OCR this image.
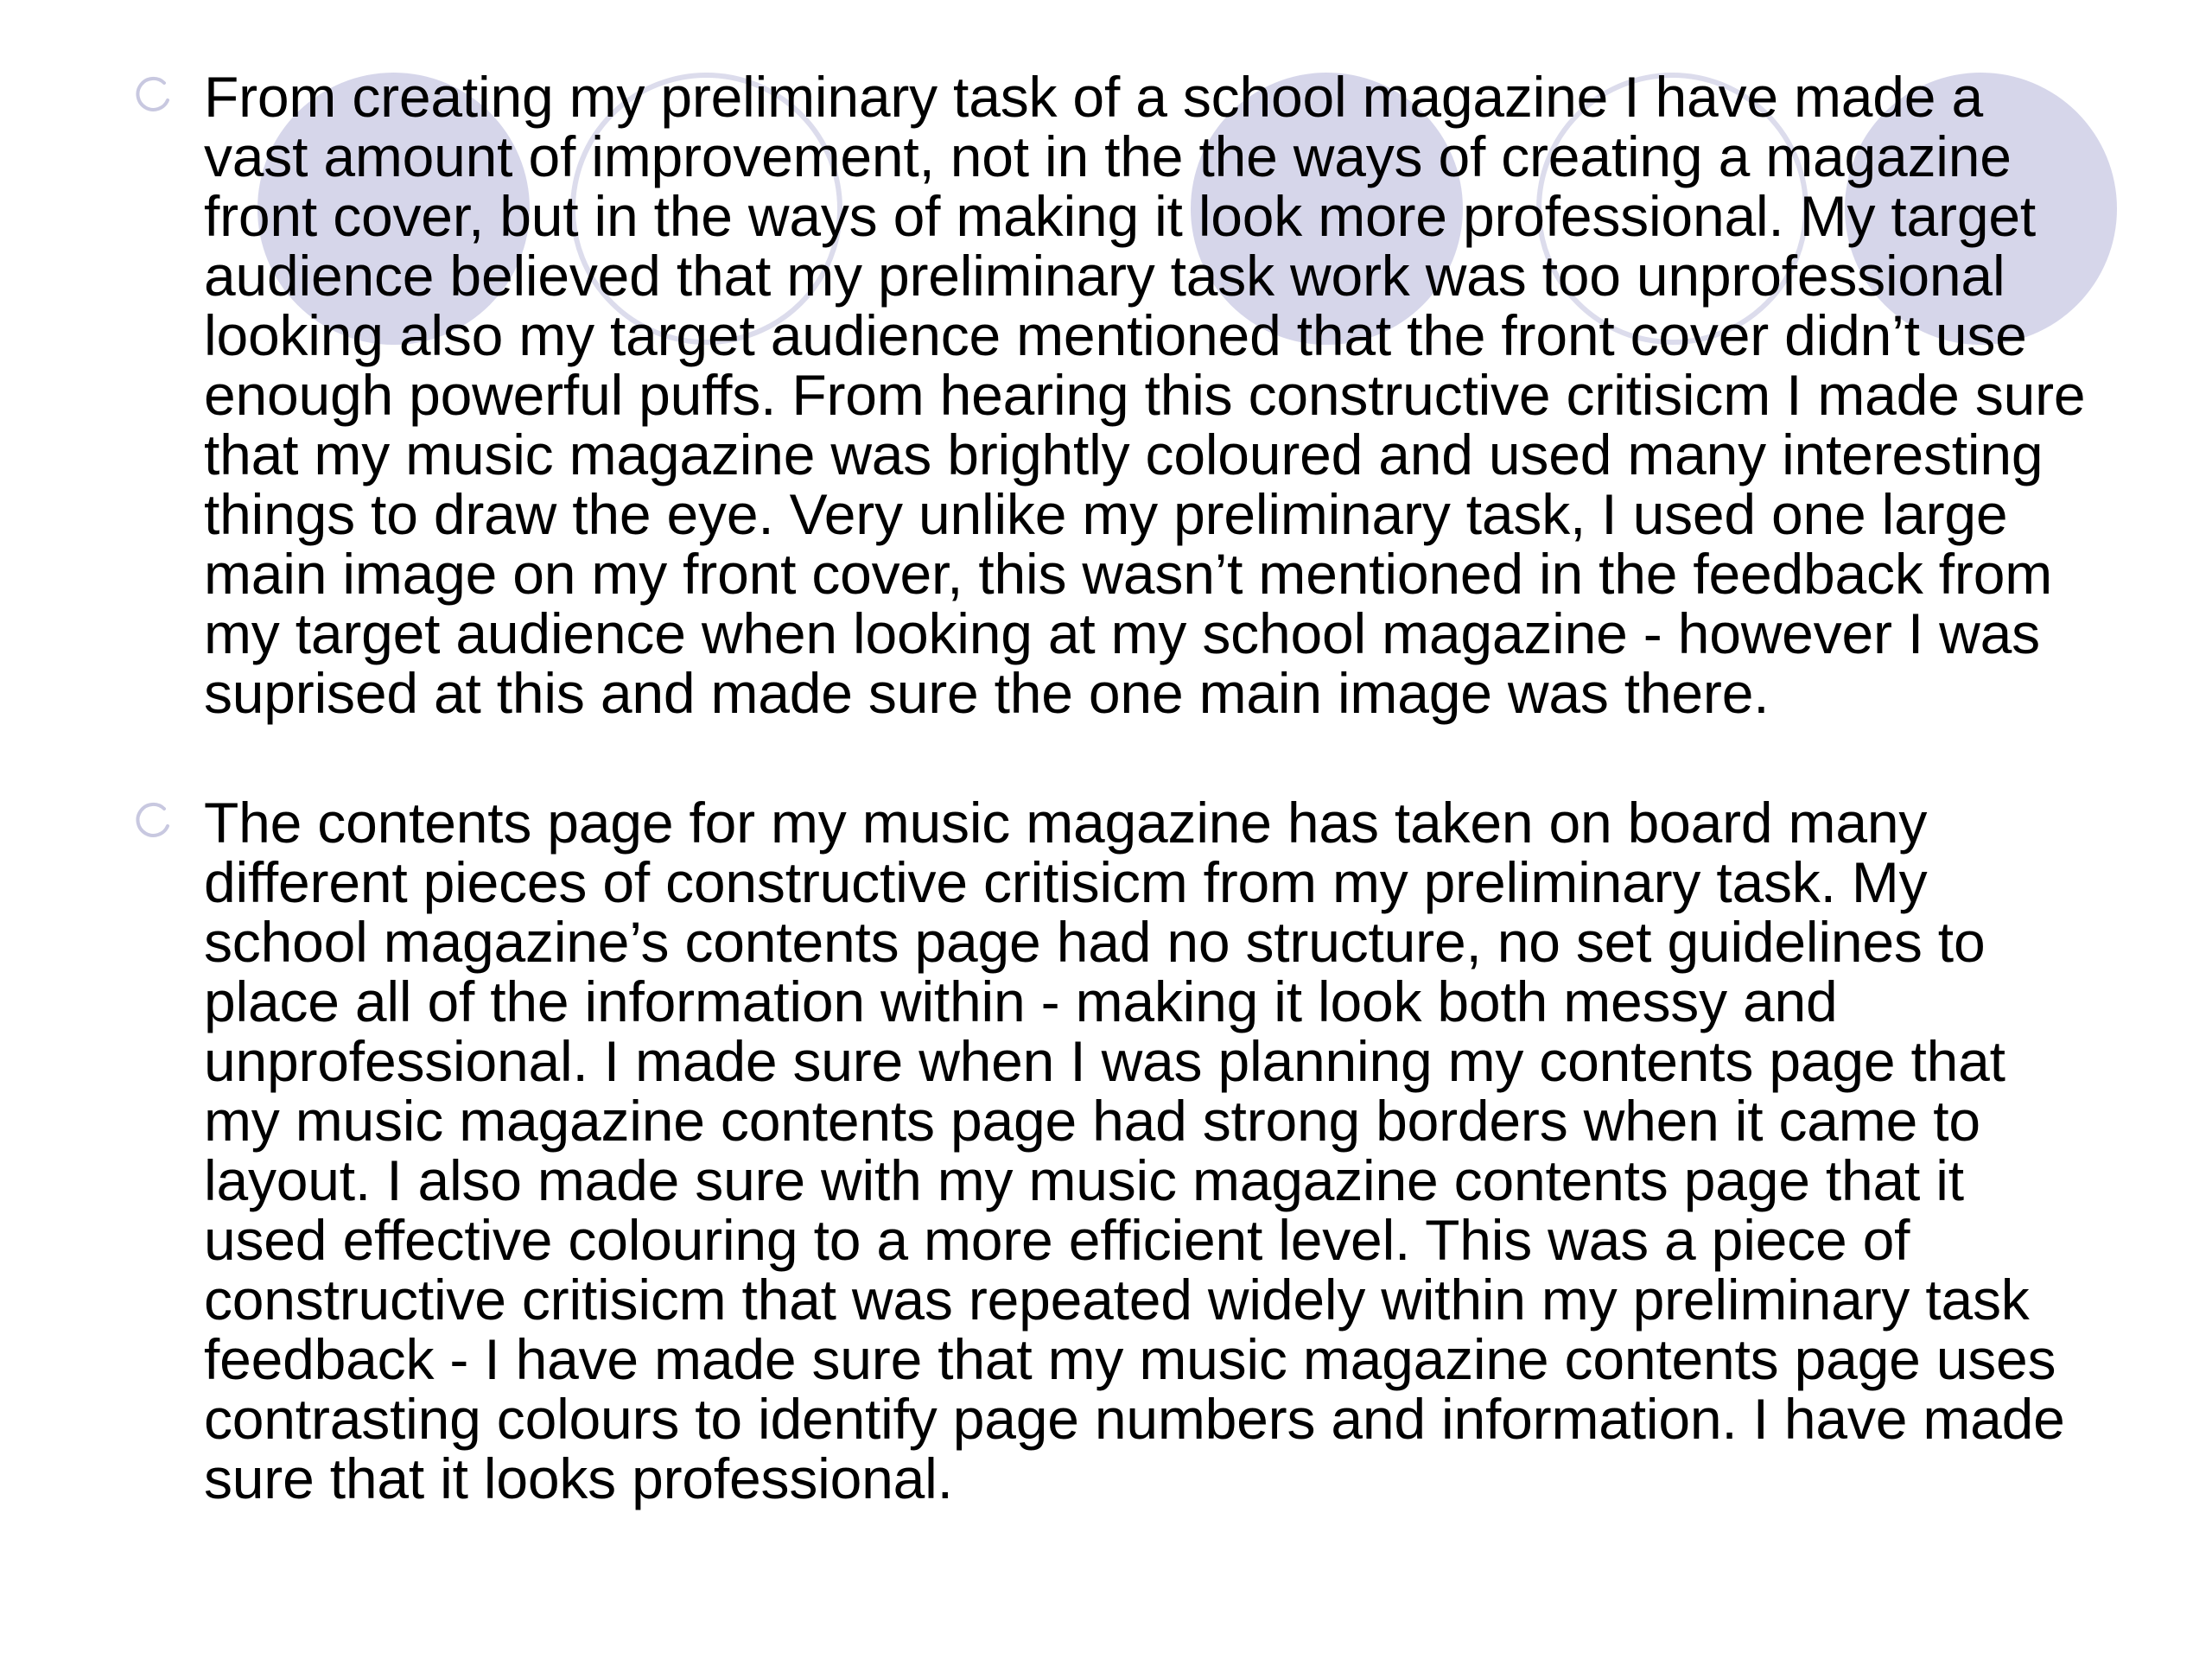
From creating my preliminary task of a school magazine I have made a vast amount of improvement, not in the the ways of creating a magazine front cover, but in the ways of making it look more professional. My target audience believed that my preliminary task work was too unprofessional looking also my target audience mentioned that the front cover didn’t use enough powerful puffs. From hearing this constructive critisicm I made sure that my music magazine was brightly coloured and used many interesting things to draw the eye. Very unlike my preliminary task, I used one large main image on my front cover, this wasn’t mentioned in the feedback from my target audience when looking at my school magazine - however I was suprised at this and made sure the one main image was there.

The contents page for my music magazine has taken on board many different pieces of constructive critisicm from my preliminary task. My school magazine’s contents page had no structure, no set guidelines to place all of the information within - making it look both messy and unprofessional. I made sure when I was planning my contents page that my music magazine contents page had strong borders when it came to layout. I also made sure with my music magazine contents page that it used effective colouring to a more efficient level. This was a piece of constructive critisicm that was repeated widely within my preliminary task feedback - I have made sure that my music magazine contents page uses contrasting colours to identify page numbers and information. I have made sure that it looks professional.
